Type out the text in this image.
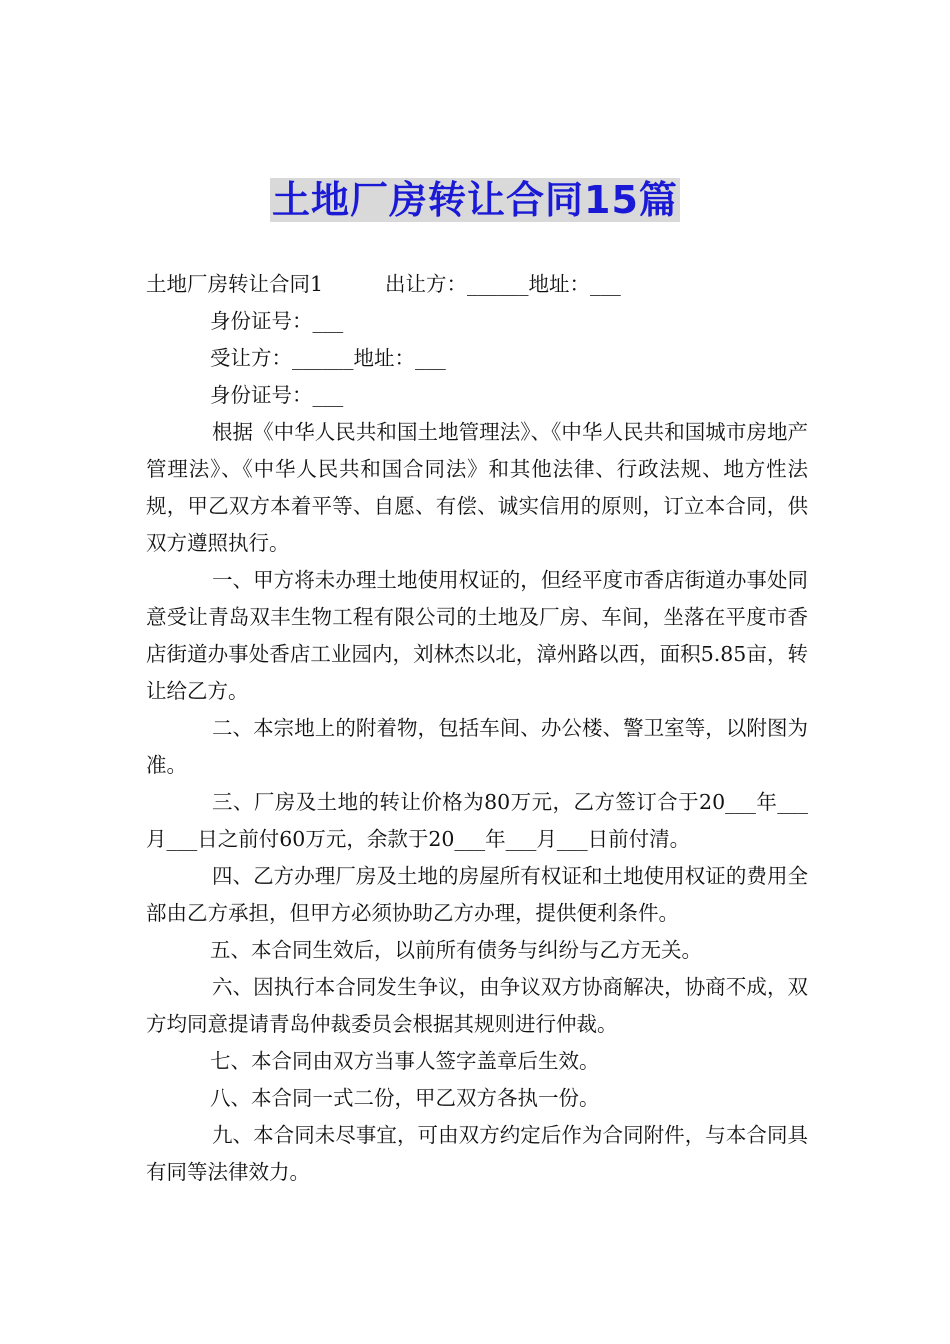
土地厂房转让合同15篇

土地厂房转让合同1	出让方：______地址：___

身份证号：___

受让方：______地址：___

身份证号：___

根据《中华人民共和国土地管理法》、《中华人民共和国城市房地产管理法》、《中华人民共和国合同法》和其他法律、行政法规、地方性法规，甲乙双方本着平等、自愿、有偿、诚实信用的原则，订立本合同，供双方遵照执行。

一、甲方将未办理土地使用权证的，但经平度市香店街道办事处同意受让青岛双丰生物工程有限公司的土地及厂房、车间，坐落在平度市香店街道办事处香店工业园内，刘林杰以北，漳州路以西，面积5.85亩，转让给乙方。

二、本宗地上的附着物，包括车间、办公楼、警卫室等，以附图为准。

三、厂房及土地的转让价格为80万元，乙方签订合于20___年___月___日之前付60万元，余款于20___年___月___日前付清。

四、乙方办理厂房及土地的房屋所有权证和土地使用权证的费用全部由乙方承担，但甲方必须协助乙方办理，提供便利条件。

五、本合同生效后，以前所有债务与纠纷与乙方无关。

六、因执行本合同发生争议，由争议双方协商解决，协商不成，双方均同意提请青岛仲裁委员会根据其规则进行仲裁。

七、本合同由双方当事人签字盖章后生效。

八、本合同一式二份，甲乙双方各执一份。

九、本合同未尽事宜，可由双方约定后作为合同附件，与本合同具有同等法律效力。
